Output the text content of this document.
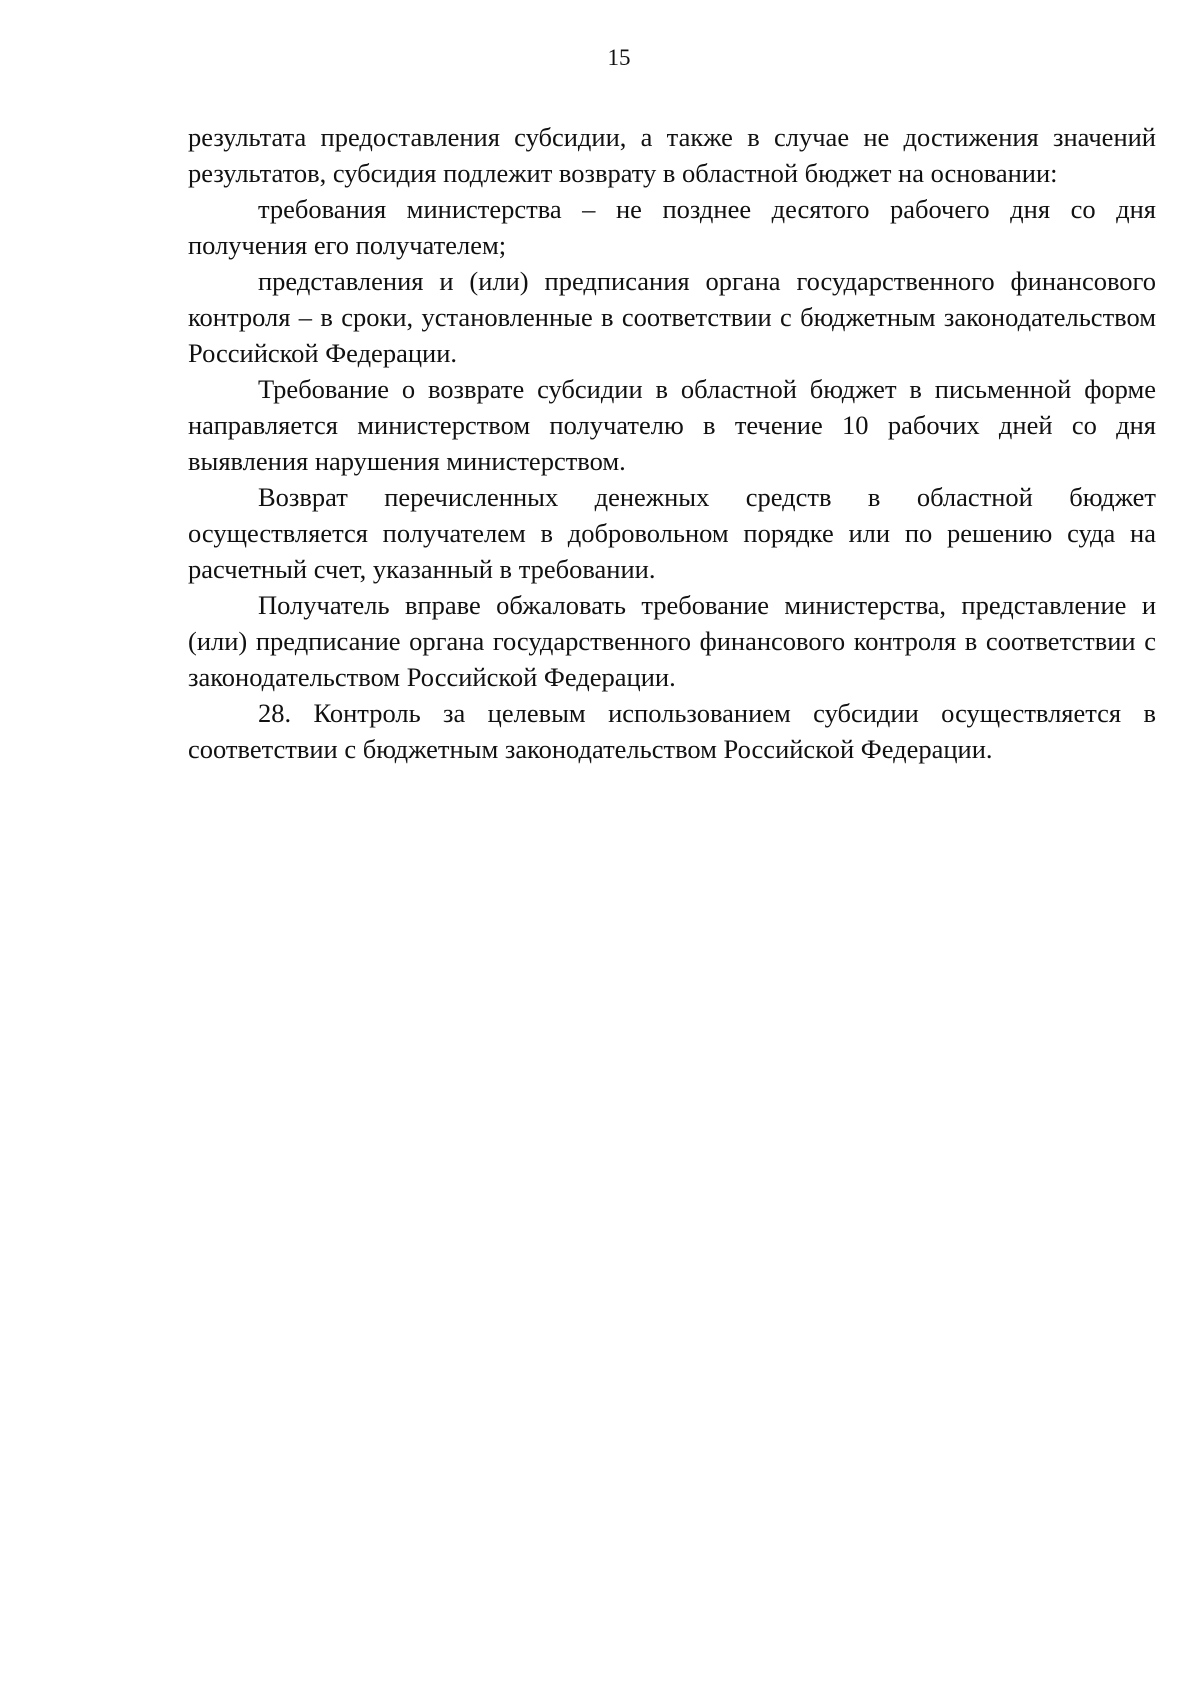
15

результата предоставления субсидии, а также в случае не достижения значений результатов, субсидия подлежит возврату в областной бюджет на основании:

требования министерства – не позднее десятого рабочего дня со дня получения его получателем;

представления и (или) предписания органа государственного финансового контроля – в сроки, установленные в соответствии с бюджетным законодательством Российской Федерации.

Требование о возврате субсидии в областной бюджет в письменной форме направляется министерством получателю в течение 10 рабочих дней со дня выявления нарушения министерством.

Возврат перечисленных денежных средств в областной бюджет осуществляется получателем в добровольном порядке или по решению суда на расчетный счет, указанный в требовании.

Получатель вправе обжаловать требование министерства, представление и (или) предписание органа государственного финансового контроля в соответствии с законодательством Российской Федерации.

28. Контроль за целевым использованием субсидии осуществляется в соответствии с бюджетным законодательством Российской Федерации.
